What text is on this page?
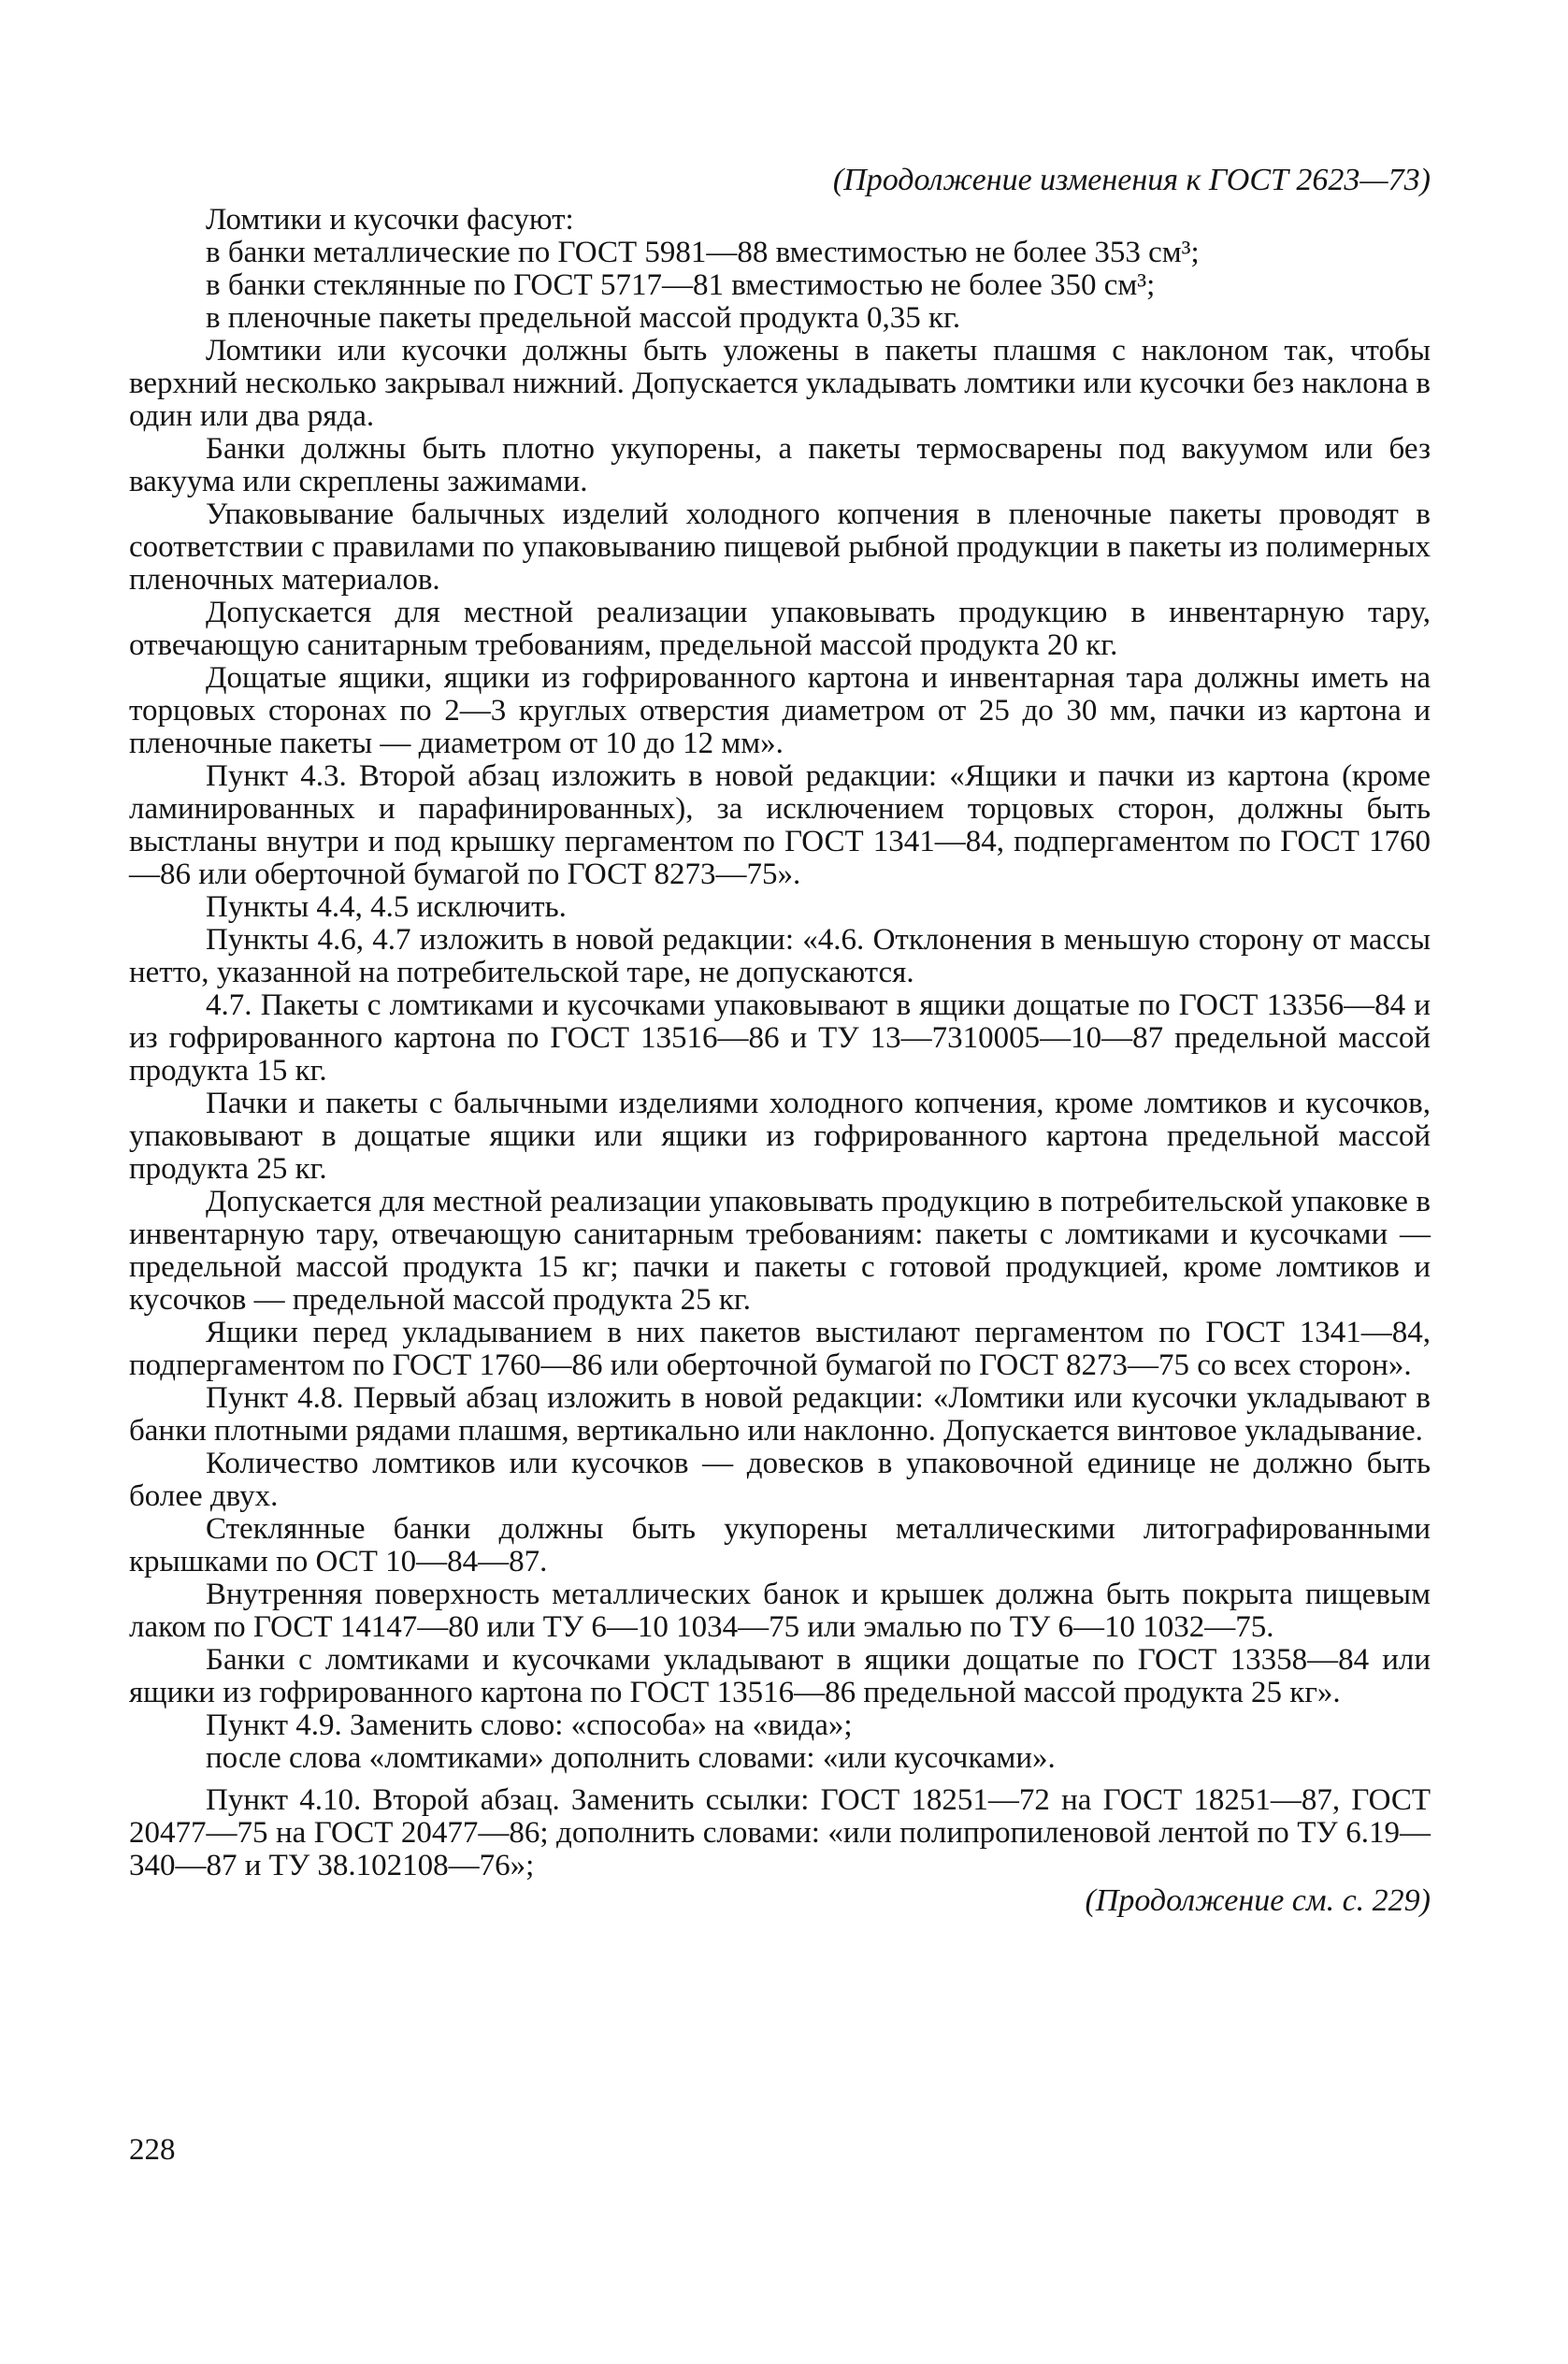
(Продолжение изменения к ГОСТ 2623—73)

Ломтики и кусочки фасуют:

в банки металлические по ГОСТ 5981—88 вместимостью не более 353 см³;

в банки стеклянные по ГОСТ 5717—81 вместимостью не более 350 см³;

в пленочные пакеты предельной массой продукта 0,35 кг.

Ломтики или кусочки должны быть уложены в пакеты плашмя с наклоном так, чтобы верхний несколько закрывал нижний. Допускается укладывать ломтики или кусочки без наклона в один или два ряда.

Банки должны быть плотно укупорены, а пакеты термосварены под вакуумом или без вакуума или скреплены зажимами.

Упаковывание балычных изделий холодного копчения в пленочные пакеты проводят в соответствии с правилами по упаковыванию пищевой рыбной продукции в пакеты из полимерных пленочных материалов.

Допускается для местной реализации упаковывать продукцию в инвентарную тару, отвечающую санитарным требованиям, предельной массой продукта 20 кг.

Дощатые ящики, ящики из гофрированного картона и инвентарная тара должны иметь на торцовых сторонах по 2—3 круглых отверстия диаметром от 25 до 30 мм, пачки из картона и пленочные пакеты — диаметром от 10 до 12 мм».

Пункт 4.3. Второй абзац изложить в новой редакции: «Ящики и пачки из картона (кроме ламинированных и парафинированных), за исключением торцовых сторон, должны быть выстланы внутри и под крышку пергаментом по ГОСТ 1341—84, подпергаментом по ГОСТ 1760—86 или оберточной бумагой по ГОСТ 8273—75».

Пункты 4.4, 4.5 исключить.

Пункты 4.6, 4.7 изложить в новой редакции: «4.6. Отклонения в меньшую сторону от массы нетто, указанной на потребительской таре, не допускаются.

4.7. Пакеты с ломтиками и кусочками упаковывают в ящики дощатые по ГОСТ 13356—84 и из гофрированного картона по ГОСТ 13516—86 и ТУ 13—7310005—10—87 предельной массой продукта 15 кг.

Пачки и пакеты с балычными изделиями холодного копчения, кроме ломтиков и кусочков, упаковывают в дощатые ящики или ящики из гофрированного картона предельной массой продукта 25 кг.

Допускается для местной реализации упаковывать продукцию в потребительской упаковке в инвентарную тару, отвечающую санитарным требованиям: пакеты с ломтиками и кусочками — предельной массой продукта 15 кг; пачки и пакеты с готовой продукцией, кроме ломтиков и кусочков — предельной массой продукта 25 кг.

Ящики перед укладыванием в них пакетов выстилают пергаментом по ГОСТ 1341—84, подпергаментом по ГОСТ 1760—86 или оберточной бумагой по ГОСТ 8273—75 со всех сторон».

Пункт 4.8. Первый абзац изложить в новой редакции: «Ломтики или кусочки укладывают в банки плотными рядами плашмя, вертикально или наклонно. Допускается винтовое укладывание.

Количество ломтиков или кусочков — довесков в упаковочной единице не должно быть более двух.

Стеклянные банки должны быть укупорены металлическими литографированными крышками по ОСТ 10—84—87.

Внутренняя поверхность металлических банок и крышек должна быть покрыта пищевым лаком по ГОСТ 14147—80 или ТУ 6—10 1034—75 или эмалью по ТУ 6—10 1032—75.

Банки с ломтиками и кусочками укладывают в ящики дощатые по ГОСТ 13358—84 или ящики из гофрированного картона по ГОСТ 13516—86 предельной массой продукта 25 кг».

Пункт 4.9. Заменить слово: «способа» на «вида»;

после слова «ломтиками» дополнить словами: «или кусочками».

Пункт 4.10. Второй абзац. Заменить ссылки: ГОСТ 18251—72 на ГОСТ 18251—87, ГОСТ 20477—75 на ГОСТ 20477—86; дополнить словами: «или полипропиленовой лентой по ТУ 6.19—340—87 и ТУ 38.102108—76»;

(Продолжение см. с. 229)
228
